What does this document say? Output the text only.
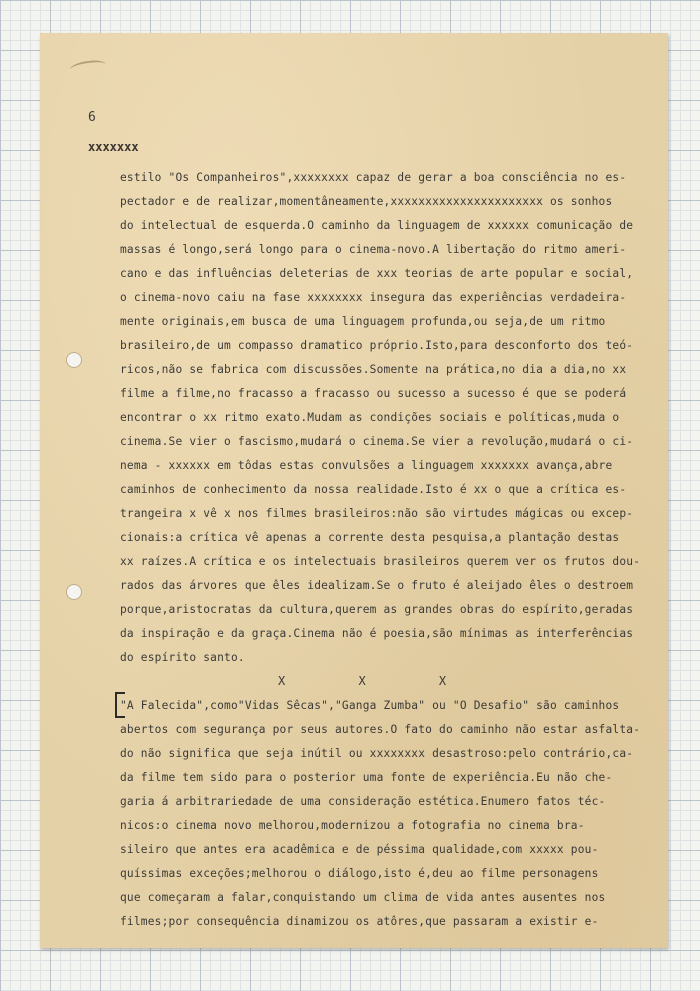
6
xxxxxxx
estilo "Os Companheiros",xxxxxxxx capaz de gerar a boa consciência no es-
pectador e de realizar,momentâneamente,xxxxxxxxxxxxxxxxxxxxxx os sonhos
do intelectual de esquerda.O caminho da linguagem de xxxxxx comunicação de
massas é longo,será longo para o cinema-novo.A libertação do ritmo ameri-
cano e das influências deleterias de xxx teorias de arte popular e social,
o cinema-novo caiu na fase xxxxxxxx insegura das experiências verdadeira-
mente originais,em busca de uma linguagem profunda,ou seja,de um ritmo
brasileiro,de um compasso dramatico próprio.Isto,para desconforto dos teó-
ricos,não se fabrica com discussões.Somente na prática,no dia a dia,no xx
filme a filme,no fracasso a fracasso ou sucesso a sucesso é que se poderá
encontrar o xx ritmo exato.Mudam as condições sociais e políticas,muda o
cinema.Se vier o fascismo,mudará o cinema.Se vier a revolução,mudará o ci-
nema - xxxxxx em tôdas estas convulsões a linguagem xxxxxxx avança,abre
caminhos de conhecimento da nossa realidade.Isto é xx o que a crítica es-
trangeira x vê x nos filmes brasileiros:não são virtudes mágicas ou excep-
cionais:a crítica vê apenas a corrente desta pesquisa,a plantação destas
xx raízes.A crítica e os intelectuais brasileiros querem ver os frutos dou-
rados das árvores que êles idealizam.Se o fruto é aleijado êles o destroem
porque,aristocratas da cultura,querem as grandes obras do espírito,geradas
da inspiração e da graça.Cinema não é poesia,são mínimas as interferências
do espírito santo.
X X X
"A Falecida",como"Vidas Sêcas","Ganga Zumba" ou "O Desafio" são caminhos
abertos com segurança por seus autores.O fato do caminho não estar asfalta-
do não significa que seja inútil ou xxxxxxxx desastroso:pelo contrário,ca-
da filme tem sido para o posterior uma fonte de experiência.Eu não che-
garia á arbitrariedade de uma consideração estética.Enumero fatos téc-
nicos:o cinema novo melhorou,modernizou a fotografia no cinema bra-
sileiro que antes era acadêmica e de péssima qualidade,com xxxxx pou-
quíssimas exceções;melhorou o diálogo,isto é,deu ao filme personagens
que começaram a falar,conquistando um clima de vida antes ausentes nos
filmes;por consequência dinamizou os atôres,que passaram a existir e-
